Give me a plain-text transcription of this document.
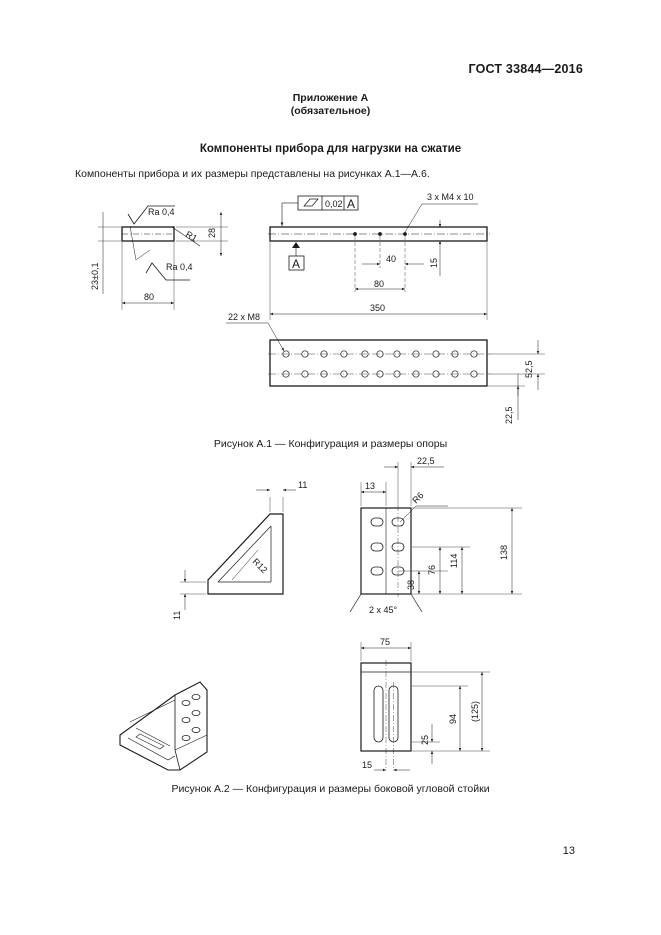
ГОСТ 33844—2016
Приложение А
(обязательное)
Компоненты прибора для нагрузки на сжатие
Компоненты прибора и их размеры представлены на рисунках А.1—А.6.
Ra 0,4
Ra 0,4
R1 28
23±0,1
80
0,02 A
A
3 x M4 x 10
40
80
15
350
22 x M8
52,5
22,5
11
11
R12
13
22,5
R6
138
114
76
38
2 x 45°
75
(125)
94
25
15
Рисунок А.1 — Конфигурация и размеры опоры
Рисунок А.2 — Конфигурация и размеры боковой угловой стойки
13
